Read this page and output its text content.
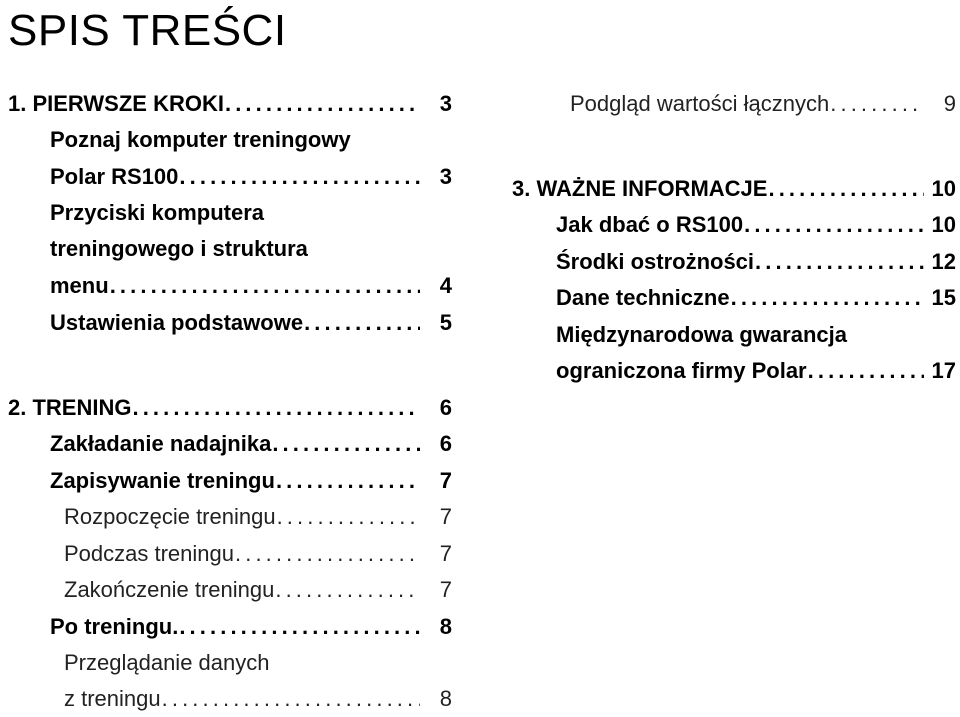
SPIS TREŚCI
1. PIERWSZE KROKI . . .	3
Poznaj komputer treningowy
Polar RS100 . . .	3
Przyciski komputera
treningowego i struktura
menu . . .	4
Ustawienia podstawowe . . .	5
2. TRENING . . .	6
Zakładanie nadajnika . . .	6
Zapisywanie treningu . . .	7
Rozpoczęcie treningu . . .	7
Podczas treningu . . .	7
Zakończenie treningu . . .	7
Po treningu. . . .	8
Przeglądanie danych
z treningu . . .	8
Podgląd wartości łącznych . . .	9
3. WAŻNE INFORMACJE . . .	10
Jak dbać o RS100 . . .	10
Środki ostrożności . . .	12
Dane techniczne . . .	15
Międzynarodowa gwarancja
ograniczona firmy Polar . . .	17
